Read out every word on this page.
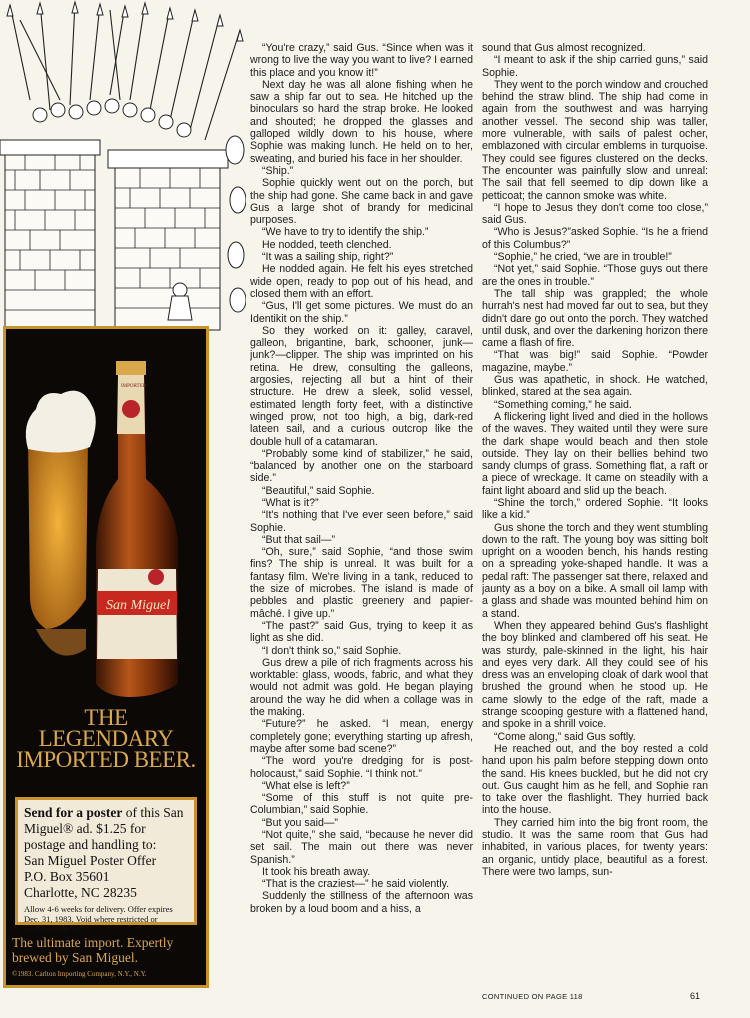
IMPORTED
San Miguel
THE
LEGENDARY
IMPORTED BEER.
Send for a poster of this San Miguel® ad. $1.25 for postage and handling to:
San Miguel Poster Offer
P.O. Box 35601
Charlotte, NC 28235
Allow 4-6 weeks for delivery. Offer expires Dec. 31, 1983. Void where restricted or prohibited by law.
The ultimate import. Expertly brewed by San Miguel.
©1983. Carlton Importing Company, N.Y., N.Y.

“You're crazy,” said Gus. “Since when was it wrong to live the way you want to live? I earned this place and you know it!”

Next day he was all alone fishing when he saw a ship far out to sea. He hitched up the binoculars so hard the strap broke. He looked and shouted; he dropped the glasses and galloped wildly down to his house, where Sophie was making lunch. He held on to her, sweating, and buried his face in her shoulder.

“Ship.”

Sophie quickly went out on the porch, but the ship had gone. She came back in and gave Gus a large shot of brandy for medicinal purposes.

“We have to try to identify the ship.”

He nodded, teeth clenched.

“It was a sailing ship, right?”

He nodded again. He felt his eyes stretched wide open, ready to pop out of his head, and closed them with an effort.

“Gus, I'll get some pictures. We must do an Identikit on the ship.”

So they worked on it: galley, caravel, galleon, brigantine, bark, schooner, junk—junk?—clipper. The ship was imprinted on his retina. He drew, consulting the galleons, argosies, rejecting all but a hint of their structure. He drew a sleek, solid vessel, estimated length forty feet, with a distinctive winged prow, not too high, a big, dark-red lateen sail, and a curious outcrop like the double hull of a catamaran.

“Probably some kind of stabilizer,” he said, “balanced by another one on the starboard side.”

“Beautiful,” said Sophie.

“What is it?”

“It's nothing that I've ever seen before,” said Sophie.

“But that sail—”

“Oh, sure,” said Sophie, “and those swim fins? The ship is unreal. It was built for a fantasy film. We're living in a tank, reduced to the size of microbes. The island is made of pebbles and plastic greenery and papier-mâché. I give up.”

“The past?” said Gus, trying to keep it as light as she did.

“I don't think so,” said Sophie.

Gus drew a pile of rich fragments across his worktable: glass, woods, fabric, and what they would not admit was gold. He began playing around the way he did when a collage was in the making.

“Future?” he asked. “I mean, energy completely gone; everything starting up afresh, maybe after some bad scene?”

“The word you're dredging for is post-holocaust,” said Sophie. “I think not.”

“What else is left?”

“Some of this stuff is not quite pre-Columbian,” said Sophie.

“But you said—”

“Not quite,” she said, “because he never did set sail. The main out there was never Spanish.”

It took his breath away.

“That is the craziest—” he said violently.

Suddenly the stillness of the afternoon was broken by a loud boom and a hiss, a

sound that Gus almost recognized.

“I meant to ask if the ship carried guns,” said Sophie.

They went to the porch window and crouched behind the straw blind. The ship had come in again from the southwest and was harrying another vessel. The second ship was taller, more vulnerable, with sails of palest ocher, emblazoned with circular emblems in turquoise. They could see figures clustered on the decks. The encounter was painfully slow and unreal: The sail that fell seemed to dip down like a petticoat; the cannon smoke was white.

“I hope to Jesus they don't come too close,” said Gus.

“Who is Jesus?”asked Sophie. “Is he a friend of this Columbus?”

“Sophie,” he cried, “we are in trouble!”

“Not yet,” said Sophie. “Those guys out there are the ones in trouble.”

The tall ship was grappled; the whole hurrah's nest had moved far out to sea, but they didn't dare go out onto the porch. They watched until dusk, and over the darkening horizon there came a flash of fire.

“That was big!” said Sophie. “Powder magazine, maybe.”

Gus was apathetic, in shock. He watched, blinked, stared at the sea again.

“Something coming,” he said.

A flickering light lived and died in the hollows of the waves. They waited until they were sure the dark shape would beach and then stole outside. They lay on their bellies behind two sandy clumps of grass. Something flat, a raft or a piece of wreckage. It came on steadily with a faint light aboard and slid up the beach.

“Shine the torch,” ordered Sophie. “It looks like a kid.”

Gus shone the torch and they went stumbling down to the raft. The young boy was sitting bolt upright on a wooden bench, his hands resting on a spreading yoke-shaped handle. It was a pedal raft: The passenger sat there, relaxed and jaunty as a boy on a bike. A small oil lamp with a glass and shade was mounted behind him on a stand.

When they appeared behind Gus's flashlight the boy blinked and clambered off his seat. He was sturdy, pale-skinned in the light, his hair and eyes very dark. All they could see of his dress was an enveloping cloak of dark wool that brushed the ground when he stood up. He came slowly to the edge of the raft, made a strange scooping gesture with a flattened hand, and spoke in a shrill voice.

“Come along,” said Gus softly.

He reached out, and the boy rested a cold hand upon his palm before stepping down onto the sand. His knees buckled, but he did not cry out. Gus caught him as he fell, and Sophie ran to take over the flashlight. They hurried back into the house.

They carried him into the big front room, the studio. It was the same room that Gus had inhabited, in various places, for twenty years: an organic, untidy place, beautiful as a forest. There were two lamps, sun-

CONTINUED ON PAGE 118	61
